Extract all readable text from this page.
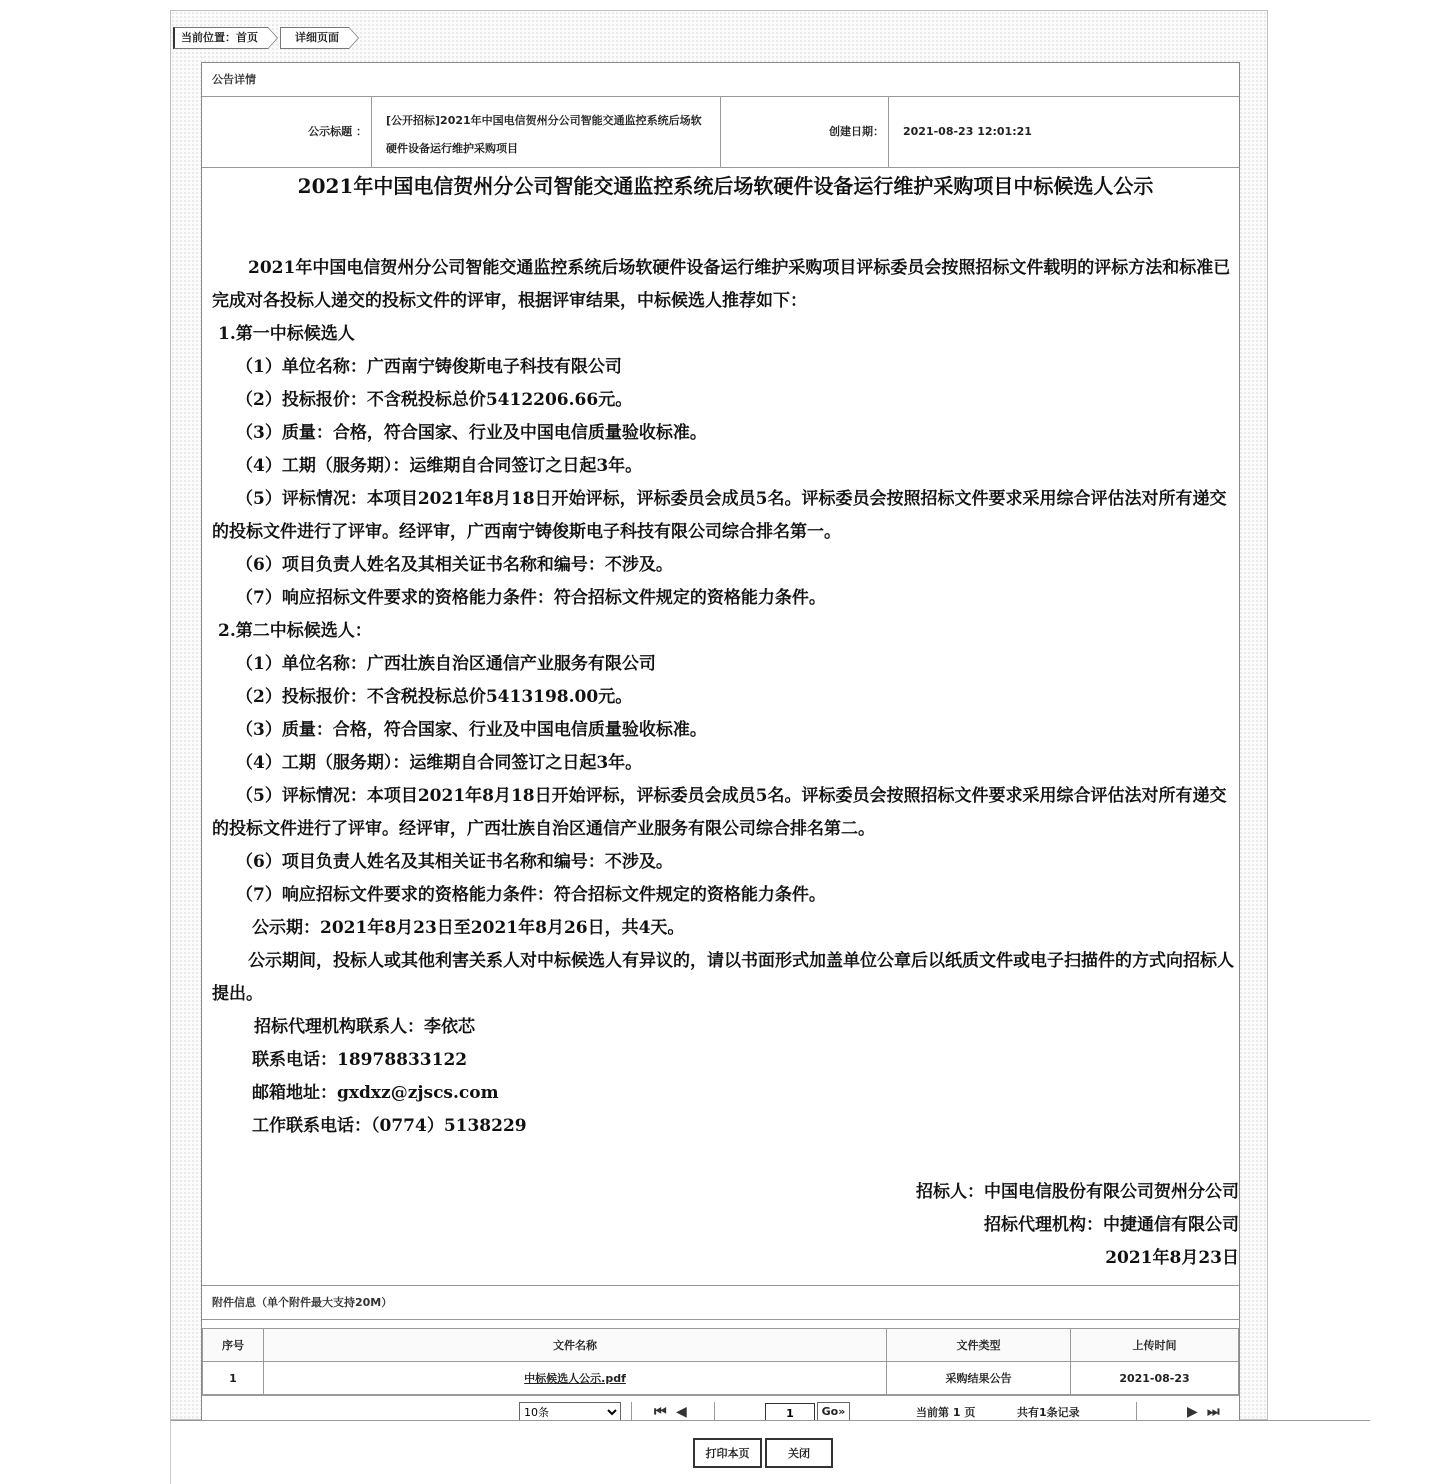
当前位置：首页	详细页面
公告详情
公示标题 ：
[公开招标]2021年中国电信贺州分公司智能交通监控系统后场软硬件设备运行维护采购项目
创建日期：	2021-08-23 12:01:21

2021年中国电信贺州分公司智能交通监控系统后场软硬件设备运行维护采购项目中标候选人公示

2021年中国电信贺州分公司智能交通监控系统后场软硬件设备运行维护采购项目评标委员会按照招标文件载明的评标方法和标准已完成对各投标人递交的投标文件的评审，根据评审结果，中标候选人推荐如下：

1.第一中标候选人

（1）单位名称：广西南宁铸俊斯电子科技有限公司

（2）投标报价：不含税投标总价5412206.66元。

（3）质量：合格，符合国家、行业及中国电信质量验收标准。

（4）工期（服务期）：运维期自合同签订之日起3年。

（5）评标情况：本项目2021年8月18日开始评标，评标委员会成员5名。评标委员会按照招标文件要求采用综合评估法对所有递交的投标文件进行了评审。经评审，广西南宁铸俊斯电子科技有限公司综合排名第一。

（6）项目负责人姓名及其相关证书名称和编号：不涉及。

（7）响应招标文件要求的资格能力条件：符合招标文件规定的资格能力条件。

2.第二中标候选人：

（1）单位名称：广西壮族自治区通信产业服务有限公司

（2）投标报价：不含税投标总价5413198.00元。

（3）质量：合格，符合国家、行业及中国电信质量验收标准。

（4）工期（服务期）：运维期自合同签订之日起3年。

（5）评标情况：本项目2021年8月18日开始评标，评标委员会成员5名。评标委员会按照招标文件要求采用综合评估法对所有递交的投标文件进行了评审。经评审，广西壮族自治区通信产业服务有限公司综合排名第二。

（6）项目负责人姓名及其相关证书名称和编号：不涉及。

（7）响应招标文件要求的资格能力条件：符合招标文件规定的资格能力条件。

公示期：2021年8月23日至2021年8月26日，共4天。

公示期间，投标人或其他利害关系人对中标候选人有异议的，请以书面形式加盖单位公章后以纸质文件或电子扫描件的方式向招标人提出。

招标代理机构联系人：李依芯

联系电话：18978833122

邮箱地址：gxdxz@zjscs.com

工作联系电话：（0774）5138229

招标人：中国电信股份有限公司贺州分公司

招标代理机构：中捷通信有限公司

2021年8月23日

附件信息（单个附件最大支持20M）
序号	文件名称	文件类型	上传时间
1	中标候选人公示.pdf	采购结果公告	2021-08-23
10条
⏮ ◀
1	Go»	当前第 1 页	共有1条记录	▶ ⏭
打印本页	关闭
